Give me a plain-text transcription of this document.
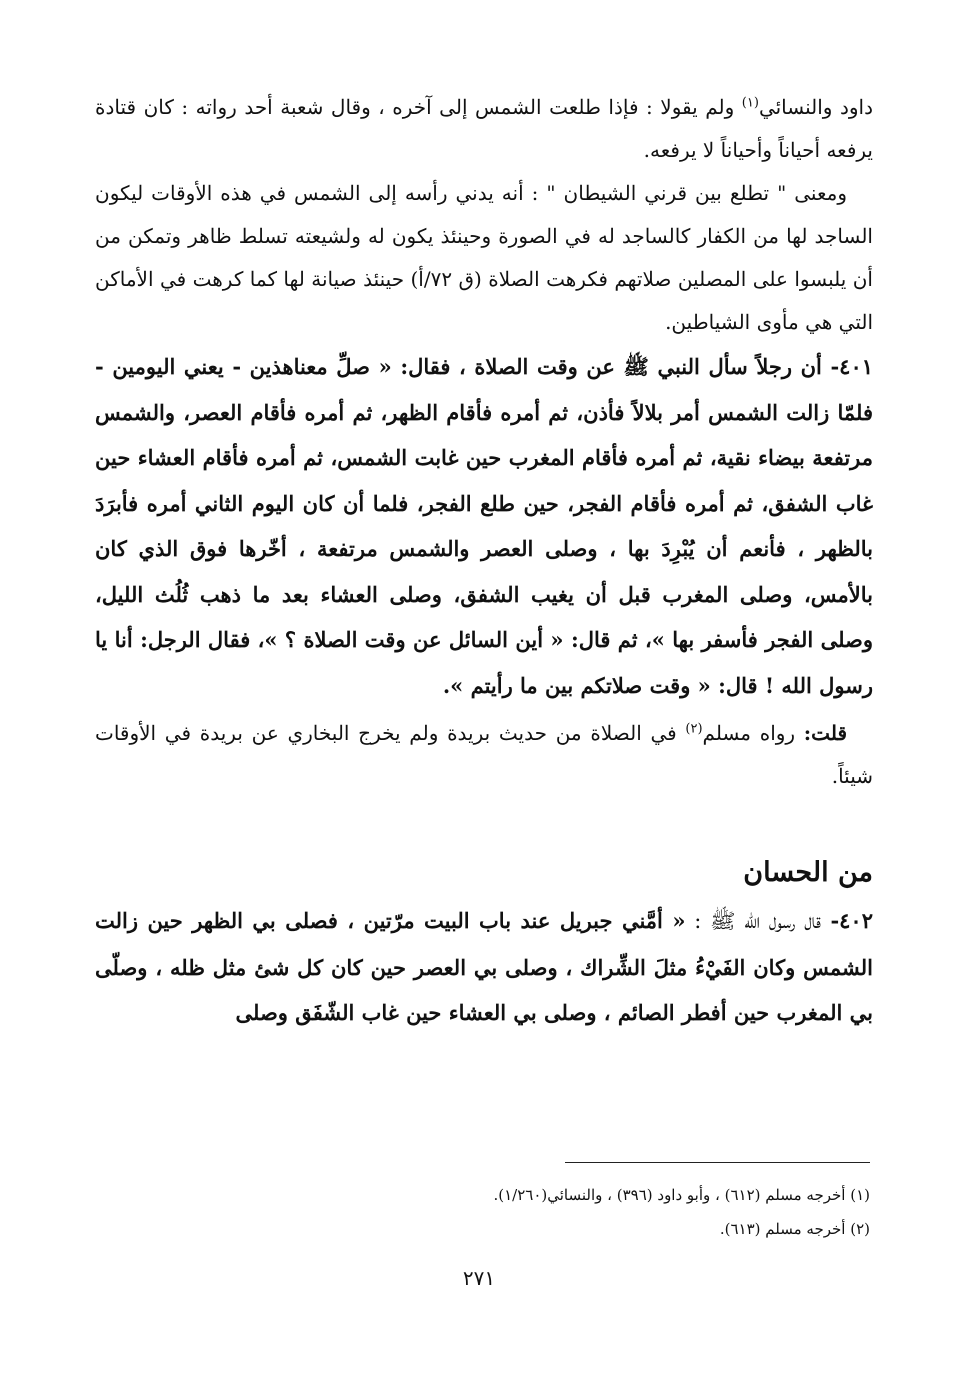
داود والنسائي$^{(١)}$ ولم يقولا : فإذا طلعت الشمس إلى آخره ، وقال شعبة أحد رواته : كان قتادة يرفعه أحياناً وأحياناً لا يرفعه.

ومعنى " تطلع بين قرني الشيطان " : أنه يدني رأسه إلى الشمس في هذه الأوقات ليكون الساجد لها من الكفار كالساجد له في الصورة وحينئذ يكون له ولشيعته تسلط ظاهر وتمكن من أن يلبسوا على المصلين صلاتهم فكرهت الصلاة (ق ٧٢/أ) حينئذ صيانة لها كما كرهت في الأماكن التي هي مأوى الشياطين.

٤٠١- أن رجلاً سأل النبي ﷺ عن وقت الصلاة ، فقال: « صلِّ معناهذين - يعني اليومين - فلمّا زالت الشمس أمر بلالاً فأذن، ثم أمره فأقام الظهر، ثم أمره فأقام العصر، والشمس مرتفعة بيضاء نقية، ثم أمره فأقام المغرب حين غابت الشمس، ثم أمره فأقام العشاء حين غاب الشفق، ثم أمره فأقام الفجر، حين طلع الفجر، فلما أن كان اليوم الثاني أمره فأبرَدَ بالظهر ، فأنعم أن يُبْرِدَ بها ، وصلى العصر والشمس مرتفعة ، أخّرها فوق الذي كان بالأمس، وصلى المغرب قبل أن يغيب الشفق، وصلى العشاء بعد ما ذهب ثُلُث الليل، وصلى الفجر فأسفر بها »، ثم قال: « أين السائل عن وقت الصلاة ؟ »، فقال الرجل: أنا يا رسول الله ! قال: « وقت صلاتكم بين ما رأيتم ».

قلت: رواه مسلم$^{(٢)}$ في الصلاة من حديث بريدة ولم يخرج البخاري عن بريدة في الأوقات شيئاً.

من الحسان

٤٠٢- قال رسول الله ﷺ : « أمَّني جبريل عند باب البيت مرّتين ، فصلى بي الظهر حين زالت الشمس وكان الفَيْءُ مثلَ الشِّراك ، وصلى بي العصر حين كان كل شئ مثل ظله ، وصلّى بي المغرب حين أفطر الصائم ، وصلى بي العشاء حين غاب الشّفَق وصلى

(١) أخرجه مسلم (٦١٢) ، وأبو داود (٣٩٦) ، والنسائي(١/٢٦٠).
(٢) أخرجه مسلم (٦١٣).
٢٧١
